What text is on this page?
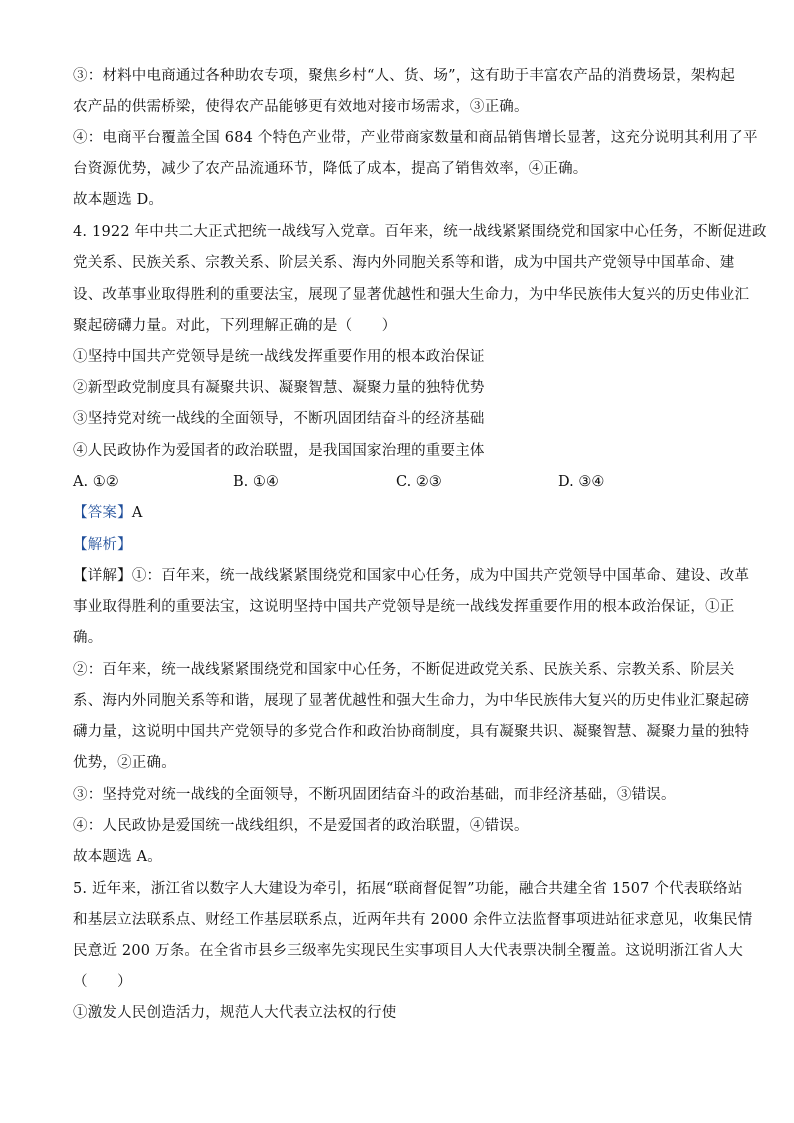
③：材料中电商通过各种助农专项，聚焦乡村“人、货、场”，这有助于丰富农产品的消费场景，架构起
农产品的供需桥梁，使得农产品能够更有效地对接市场需求，③正确。
④：电商平台覆盖全国 684 个特色产业带，产业带商家数量和商品销售增长显著，这充分说明其利用了平
台资源优势，减少了农产品流通环节，降低了成本，提高了销售效率，④正确。
故本题选 D。
4. 1922 年中共二大正式把统一战线写入党章。百年来，统一战线紧紧围绕党和国家中心任务，不断促进政
党关系、民族关系、宗教关系、阶层关系、海内外同胞关系等和谐，成为中国共产党领导中国革命、建
设、改革事业取得胜利的重要法宝，展现了显著优越性和强大生命力，为中华民族伟大复兴的历史伟业汇
聚起磅礴力量。对此，下列理解正确的是（　　）
①坚持中国共产党领导是统一战线发挥重要作用的根本政治保证
②新型政党制度具有凝聚共识、凝聚智慧、凝聚力量的独特优势
③坚持党对统一战线的全面领导，不断巩固团结奋斗的经济基础
④人民政协作为爱国者的政治联盟，是我国国家治理的重要主体
A. ①②	B. ①④	C. ②③	D. ③④
【答案】A
【解析】
【详解】①：百年来，统一战线紧紧围绕党和国家中心任务，成为中国共产党领导中国革命、建设、改革
事业取得胜利的重要法宝，这说明坚持中国共产党领导是统一战线发挥重要作用的根本政治保证，①正
确。
②：百年来，统一战线紧紧围绕党和国家中心任务，不断促进政党关系、民族关系、宗教关系、阶层关
系、海内外同胞关系等和谐，展现了显著优越性和强大生命力，为中华民族伟大复兴的历史伟业汇聚起磅
礴力量，这说明中国共产党领导的多党合作和政治协商制度，具有凝聚共识、凝聚智慧、凝聚力量的独特
优势，②正确。
③：坚持党对统一战线的全面领导，不断巩固团结奋斗的政治基础，而非经济基础，③错误。
④：人民政协是爱国统一战线组织，不是爱国者的政治联盟，④错误。
故本题选 A。
5. 近年来，浙江省以数字人大建设为牵引，拓展“联商督促智”功能，融合共建全省 1507 个代表联络站
和基层立法联系点、财经工作基层联系点，近两年共有 2000 余件立法监督事项进站征求意见，收集民情
民意近 200 万条。在全省市县乡三级率先实现民生实事项目人大代表票决制全覆盖。这说明浙江省人大
（　　）
①激发人民创造活力，规范人大代表立法权的行使
